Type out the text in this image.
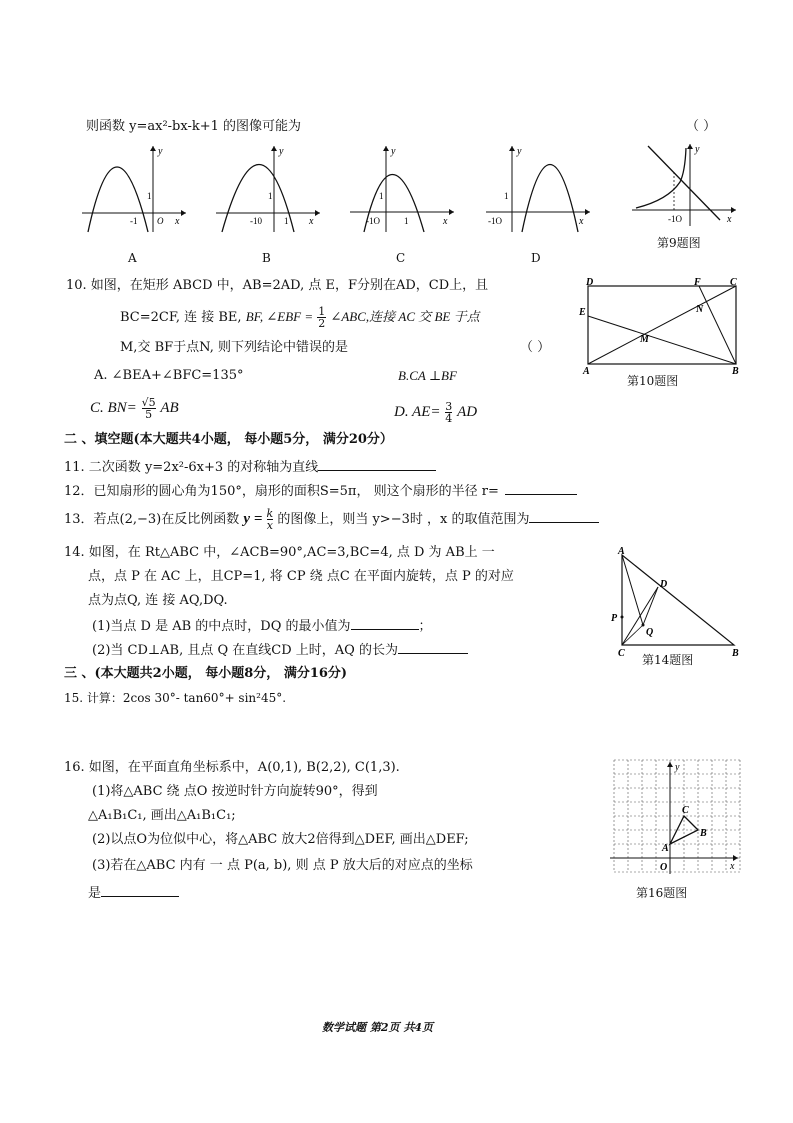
则函数 y=ax²-bx-k+1 的图像可能为	（ ）
y
x
1
-1 O
A
y
x
1
-10 1
B
y
x
1
-1O	1
C
y
x
1
-1O
D
y
x
-1O
第9题图
10. 如图，在矩形 ABCD 中，AB=2AD, 点 E，F分别在AD，CD上，且
BC=2CF, 连 接 BE, BF, ∠EBF = $\frac{1}{2}$ ∠ABC,连接 AC 交 BE 于点
M,交 BF于点N, 则下列结论中错误的是	（ ）
A. ∠BEA+∠BFC=135°	B.CA ⊥BF
C. $BN= \frac{√5}{5}$ AB	D. $AE= \frac{3}{4}$ AD
D	F	C
E	N
M
A	B
第10题图
二 、填空题(本大题共4小题， 每小题5分， 满分20分）
11. 二次函数 y=2x²-6x+3 的对称轴为直线
12．已知扇形的圆心角为150°，扇形的面积S=5π， 则这个扇形的半径 r=
13．若点(2,−3)在反比例函数 $y = \frac{k}{x}$ 的图像上，则当 y>−3时 ，x 的取值范围为
14. 如图，在 Rt△ABC 中，∠ACB=90°,AC=3,BC=4, 点 D 为 AB上 一
点，点 P 在 AC 上，且CP=1, 将 CP 绕 点C 在平面内旋转，点 P 的对应
点为点Q, 连 接 AQ,DQ.
(1)当点 D 是 AB 的中点时，DQ 的最小值为	；
(2)当 CD⊥AB, 且点 Q 在直线CD 上时，AQ 的长为
A
D
P
Q
C	B
第14题图
三 、(本大题共2小题， 每小题8分， 满分16分)
15. 计算：2cos 30°- tan60°+ sin²45°.
16. 如图，在平面直角坐标系中，A(0,1), B(2,2), C(1,3).
(1)将△ABC 绕 点O 按逆时针方向旋转90°，得到
△A₁B₁C₁, 画出△A₁B₁C₁;
(2)以点O为位似中心，将△ABC 放大2倍得到△DEF, 画出△DEF;
(3)若在△ABC 内有 一 点 P(a, b), 则 点 P 放大后的对应点的坐标
是
y
x
A
B
C
O
第16题图
数学试题 第2页 共4页
